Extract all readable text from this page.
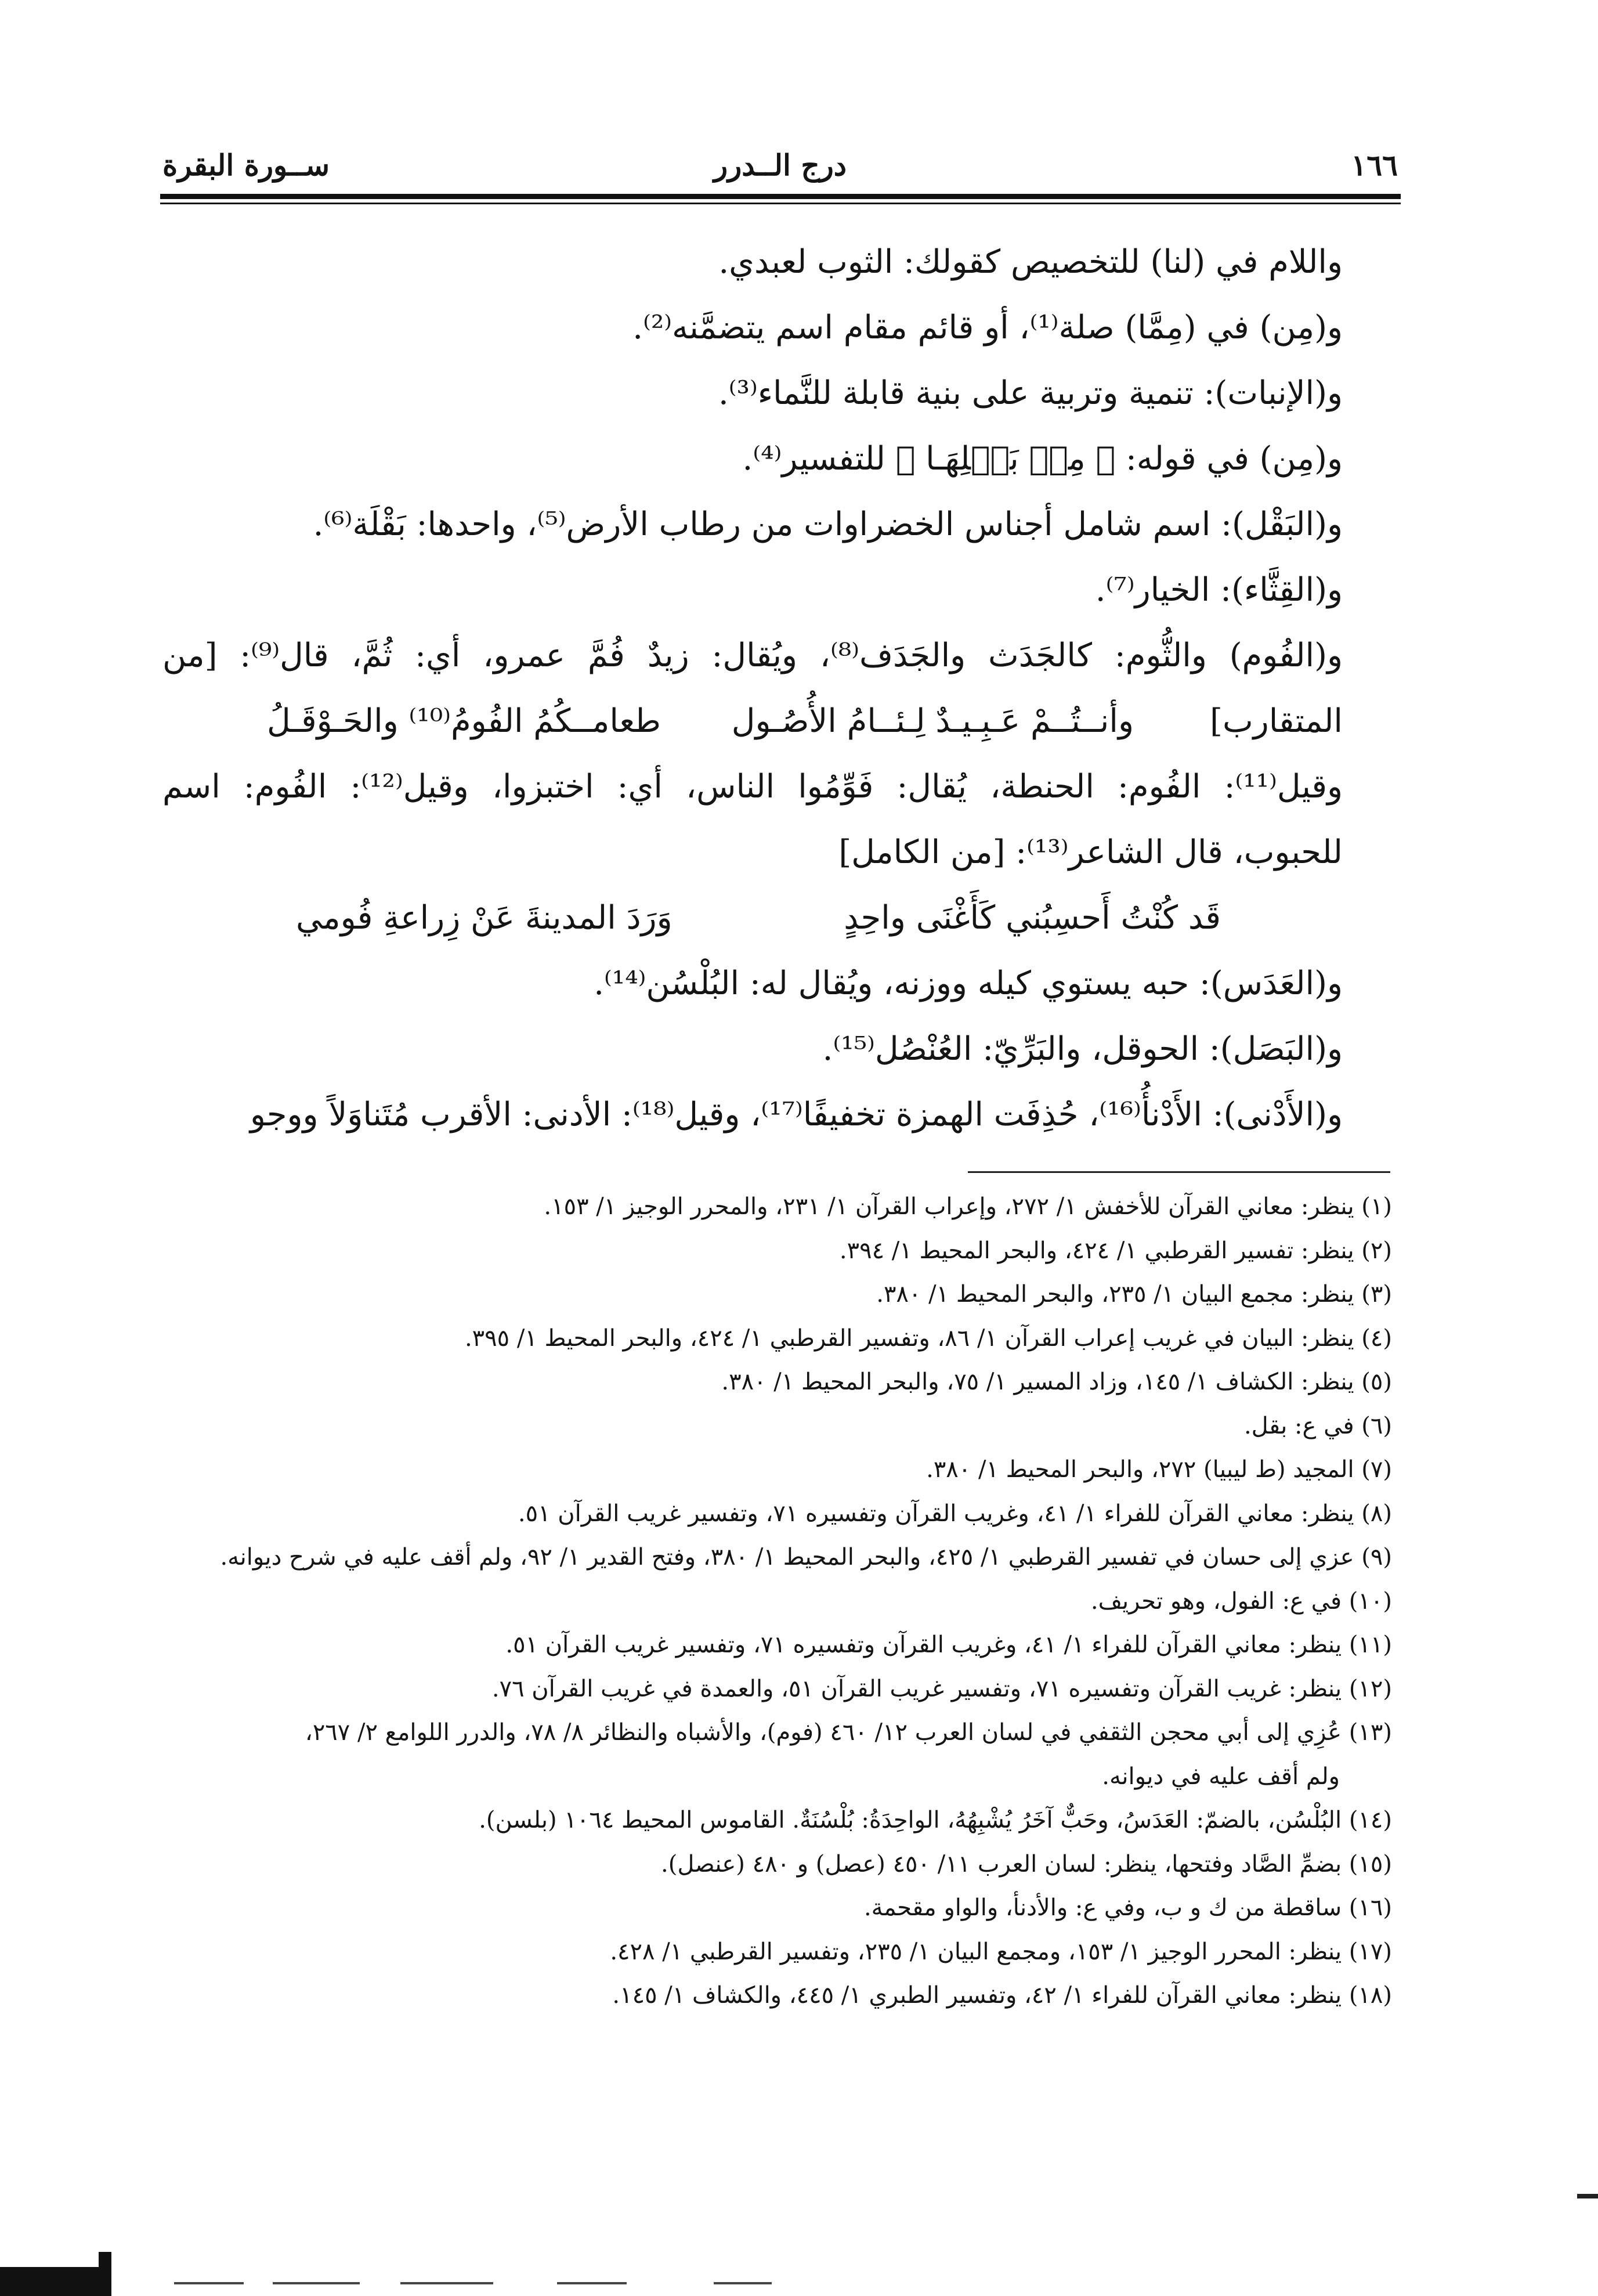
١٦٦
درج الــدرر
ســورة البقرة
واللام في (لنا) للتخصيص كقولك: الثوب لعبدي.
و(مِن) في (مِمَّا) صلة⁽¹⁾، أو قائم مقام اسم يتضمَّنه⁽²⁾.
و(الإنبات): تنمية وتربية على بنية قابلة للنَّماء⁽³⁾.
و(مِن) في قوله: ﴿ مِنۢ بَقۡلِهَـا ﴾ للتفسير⁽⁴⁾.
و(البَقْل): اسم شامل أجناس الخضراوات من رطاب الأرض⁽⁵⁾، واحدها: بَقْلَة⁽⁶⁾.
و(القِثَّاء): الخيار⁽⁷⁾.
و(الفُوم) والثُّوم: كالجَدَث والجَدَف⁽⁸⁾، ويُقال: زيدٌ فُمَّ عمرو، أي: ثُمَّ، قال⁽⁹⁾: [من المتقارب]
وأنــتُــمْ عَـبِـيـدٌ لِـئــامُ الأُصُـول
طعامــكُمُ الفُومُ⁽¹⁰⁾ والحَـوْقَـلُ
وقيل⁽¹¹⁾: الفُوم: الحنطة، يُقال: فَوِّمُوا الناس، أي: اختبزوا، وقيل⁽¹²⁾: الفُوم: اسم
للحبوب، قال الشاعر⁽¹³⁾: [من الكامل]
قَد كُنْتُ أَحسِبُني كَأَغْنَى واحِدٍ
وَرَدَ المدينةَ عَنْ زِراعةِ فُومي
و(العَدَس): حبه يستوي كيله ووزنه، ويُقال له: البُلْسُن⁽¹⁴⁾.
و(البَصَل): الحوقل، والبَرِّيّ: العُنْصُل⁽¹⁵⁾.
و(الأَدْنى): الأَدْنأُ⁽¹⁶⁾، حُذِفَت الهمزة تخفيفًا⁽¹⁷⁾، وقيل⁽¹⁸⁾: الأدنى: الأقرب مُتَناوَلاً ووجو
(١) ينظر: معاني القرآن للأخفش ١/ ٢٧٢، وإعراب القرآن ١/ ٢٣١، والمحرر الوجيز ١/ ١٥٣.
(٢) ينظر: تفسير القرطبي ١/ ٤٢٤، والبحر المحيط ١/ ٣٩٤.
(٣) ينظر: مجمع البيان ١/ ٢٣٥، والبحر المحيط ١/ ٣٨٠.
(٤) ينظر: البيان في غريب إعراب القرآن ١/ ٨٦، وتفسير القرطبي ١/ ٤٢٤، والبحر المحيط ١/ ٣٩٥.
(٥) ينظر: الكشاف ١/ ١٤٥، وزاد المسير ١/ ٧٥، والبحر المحيط ١/ ٣٨٠.
(٦) في ع: بقل.
(٧) المجيد (ط ليبيا) ٢٧٢، والبحر المحيط ١/ ٣٨٠.
(٨) ينظر: معاني القرآن للفراء ١/ ٤١، وغريب القرآن وتفسيره ٧١، وتفسير غريب القرآن ٥١.
(٩) عزي إلى حسان في تفسير القرطبي ١/ ٤٢٥، والبحر المحيط ١/ ٣٨٠، وفتح القدير ١/ ٩٢، ولم أقف عليه في شرح ديوانه.
(١٠) في ع: الفول، وهو تحريف.
(١١) ينظر: معاني القرآن للفراء ١/ ٤١، وغريب القرآن وتفسيره ٧١، وتفسير غريب القرآن ٥١.
(١٢) ينظر: غريب القرآن وتفسيره ٧١، وتفسير غريب القرآن ٥١، والعمدة في غريب القرآن ٧٦.
(١٣) عُزِي إلى أبي محجن الثقفي في لسان العرب ١٢/ ٤٦٠ (فوم)، والأشباه والنظائر ٨/ ٧٨، والدرر اللوامع ٢/ ٢٦٧،
ولم أقف عليه في ديوانه.
(١٤) البُلْسُن، بالضمّ: العَدَسُ، وحَبٌّ آخَرُ يُشْبِهُهُ، الواحِدَةُ: بُلْسُنَةٌ. القاموس المحيط ١٠٦٤ (بلسن).
(١٥) بضمِّ الصَّاد وفتحها، ينظر: لسان العرب ١١/ ٤٥٠ (عصل) و ٤٨٠ (عنصل).
(١٦) ساقطة من ك و ب، وفي ع: والأدنأ، والواو مقحمة.
(١٧) ينظر: المحرر الوجيز ١/ ١٥٣، ومجمع البيان ١/ ٢٣٥، وتفسير القرطبي ١/ ٤٢٨.
(١٨) ينظر: معاني القرآن للفراء ١/ ٤٢، وتفسير الطبري ١/ ٤٤٥، والكشاف ١/ ١٤٥.
